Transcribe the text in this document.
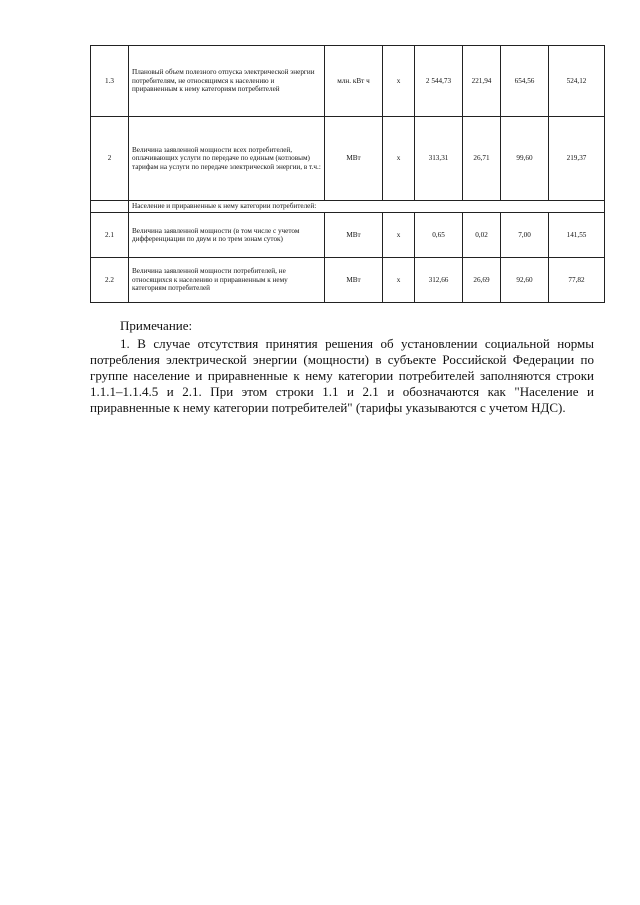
1.3	Плановый объем полезного отпуска электрической энергии потребителям, не относящимся к населению и приравненным к нему категориям потребителей	млн. кВт ч	х	2 544,73	221,94	654,56	524,12
2	Величина заявленной мощности всех потребителей, оплачивающих услуги по передаче по единым (котловым) тарифам на услуги по передаче электрической энергии, в т.ч.:	МВт	х	313,31	26,71	99,60	219,37
	Население и приравненные к нему категории потребителей:						
2.1	Величина заявленной мощности (в том числе с учетом дифференциации по двум и по трем зонам суток)	МВт	х	0,65	0,02	7,00	141,55
2.2	Величина заявленной мощности потребителей, не относящихся к населению и приравненным к нему категориям потребителей	МВт	х	312,66	26,69	92,60	77,82
Примечание:
1. В случае отсутствия принятия решения об установлении социальной нормы потребления электрической энергии (мощности) в субъекте Российской Федерации по группе население и приравненные к нему категории потребителей заполняются строки 1.1.1–1.1.4.5 и 2.1. При этом строки 1.1 и 2.1 и обозначаются как "Население и приравненные к нему категории потребителей" (тарифы указываются с учетом НДС).
